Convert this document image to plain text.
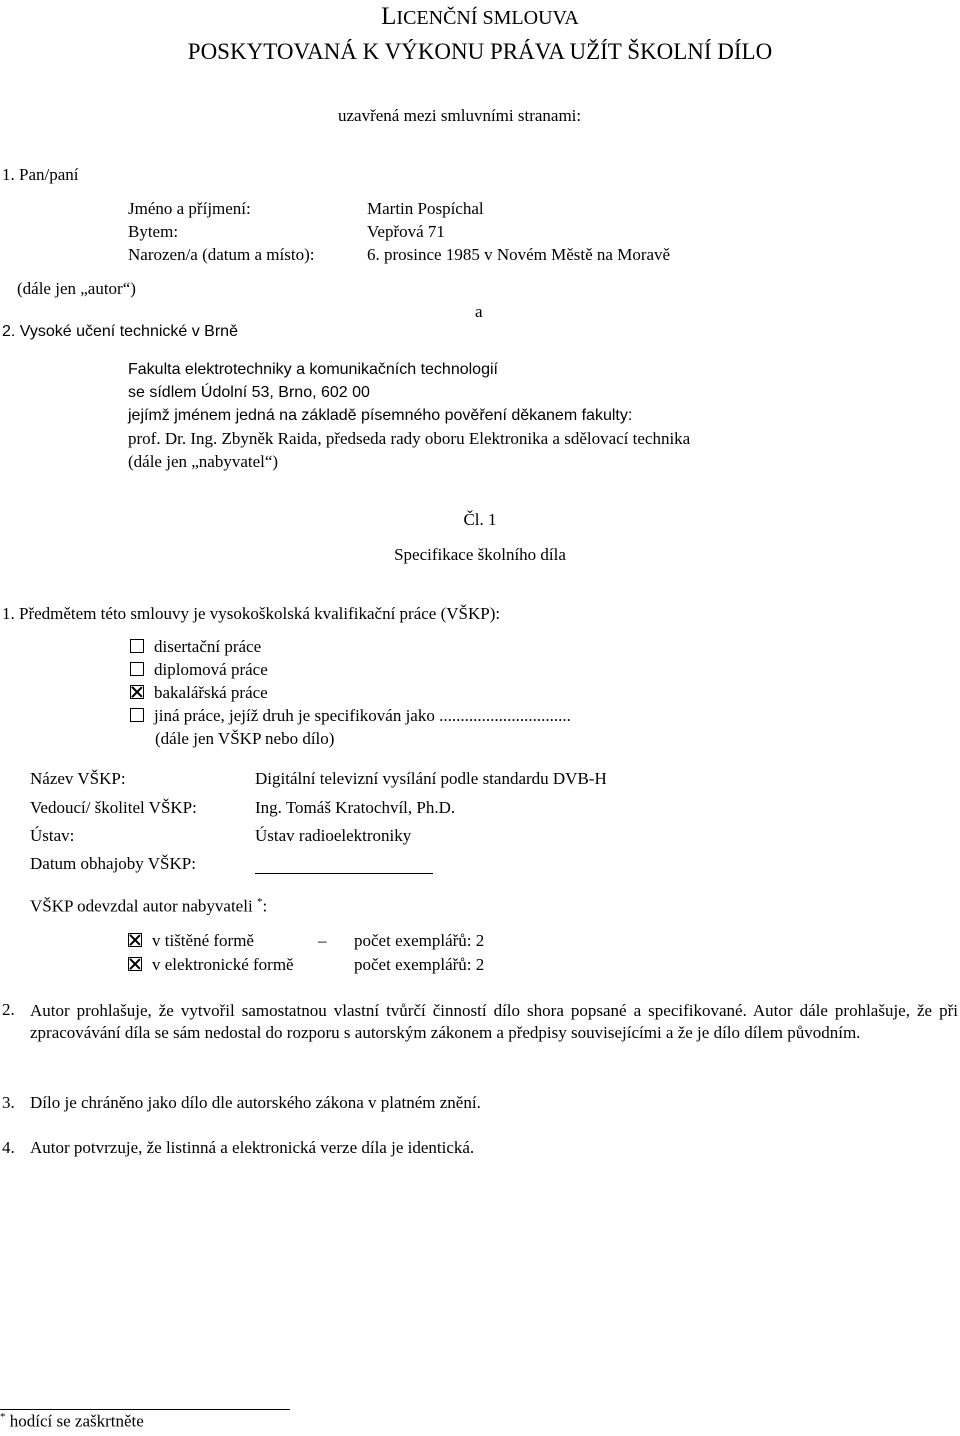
LICENČNÍ SMLOUVA
POSKYTOVANÁ K VÝKONU PRÁVA UŽÍT ŠKOLNÍ DÍLO
uzavřená mezi smluvními stranami:
1. Pan/paní
Jméno a příjmení:	Martin Pospíchal
Bytem:	Vepřová 71
Narozen/a (datum a místo):	6. prosince 1985 v Novém Městě na Moravě
(dále jen „autor“)
a
2. Vysoké učení technické v Brně
Fakulta elektrotechniky a komunikačních technologií
se sídlem Údolní 53, Brno, 602 00
jejímž jménem jedná na základě písemného pověření děkanem fakulty:
prof. Dr. Ing. Zbyněk Raida, předseda rady oboru Elektronika a sdělovací technika
(dále jen „nabyvatel“)
Čl. 1
Specifikace školního díla
1. Předmětem této smlouvy je vysokoškolská kvalifikační práce (VŠKP):
disertační práce
diplomová práce
bakalářská práce
jiná práce, jejíž druh je specifikován jako ...............................
(dále jen VŠKP nebo dílo)
Název VŠKP:	Digitální televizní vysílání podle standardu DVB-H
Vedoucí/ školitel VŠKP:	Ing. Tomáš Kratochvíl, Ph.D.
Ústav:	Ústav radioelektroniky
Datum obhajoby VŠKP:
VŠKP odevzdal autor nabyvateli *:
v tištěné formě	– počet exemplářů: 2
v elektronické formě	počet exemplářů: 2
2. Autor prohlašuje, že vytvořil samostatnou vlastní tvůrčí činností dílo shora popsané a specifikované. Autor dále prohlašuje, že při zpracovávání díla se sám nedostal do rozporu s autorským zákonem a předpisy souvisejícími a že je dílo dílem původním.
3. Dílo je chráněno jako dílo dle autorského zákona v platném znění.
4. Autor potvrzuje, že listinná a elektronická verze díla je identická.
* hodící se zaškrtněte
